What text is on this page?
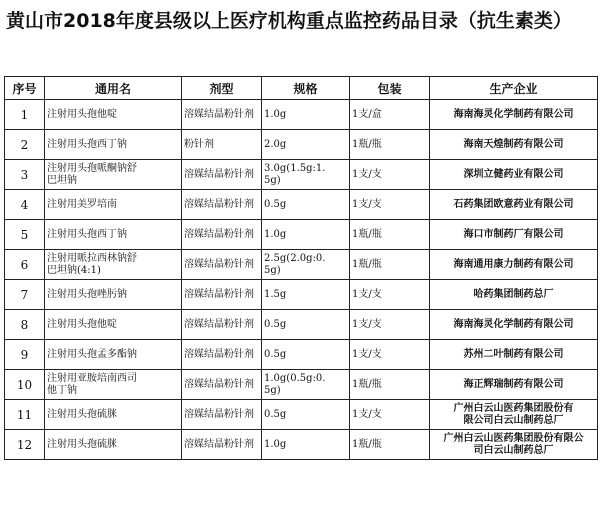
黄山市2018年度县级以上医疗机构重点监控药品目录（抗生素类）
序号	通用名	剂型	规格	包装	生产企业
1	注射用头孢他啶	溶媒结晶粉针剂	1.0g	1支/盒	海南海灵化学制药有限公司
2	注射用头孢西丁钠	粉针剂	2.0g	1瓶/瓶	海南天煌制药有限公司
3	注射用头孢哌酮钠舒
巴坦钠	溶媒结晶粉针剂	3.0g(1.5g:1.
5g)	1支/支	深圳立健药业有限公司
4	注射用美罗培南	溶媒结晶粉针剂	0.5g	1支/支	石药集团欧意药业有限公司
5	注射用头孢西丁钠	溶媒结晶粉针剂	1.0g	1瓶/瓶	海口市制药厂有限公司
6	注射用哌拉西林钠舒
巴坦钠(4:1)	溶媒结晶粉针剂	2.5g(2.0g:0.
5g)	1瓶/瓶	海南通用康力制药有限公司
7	注射用头孢唑肟钠	溶媒结晶粉针剂	1.5g	1支/支	哈药集团制药总厂
8	注射用头孢他啶	溶媒结晶粉针剂	0.5g	1支/支	海南海灵化学制药有限公司
9	注射用头孢孟多酯钠	溶媒结晶粉针剂	0.5g	1支/支	苏州二叶制药有限公司
10	注射用亚胺培南西司
他丁钠	溶媒结晶粉针剂	1.0g(0.5g:0.
5g)	1瓶/瓶	海正辉瑞制药有限公司
11	注射用头孢硫脒	溶媒结晶粉针剂	0.5g	1支/支	广州白云山医药集团股份有
限公司白云山制药总厂
12	注射用头孢硫脒	溶媒结晶粉针剂	1.0g	1瓶/瓶	广州白云山医药集团股份有限公
司白云山制药总厂
